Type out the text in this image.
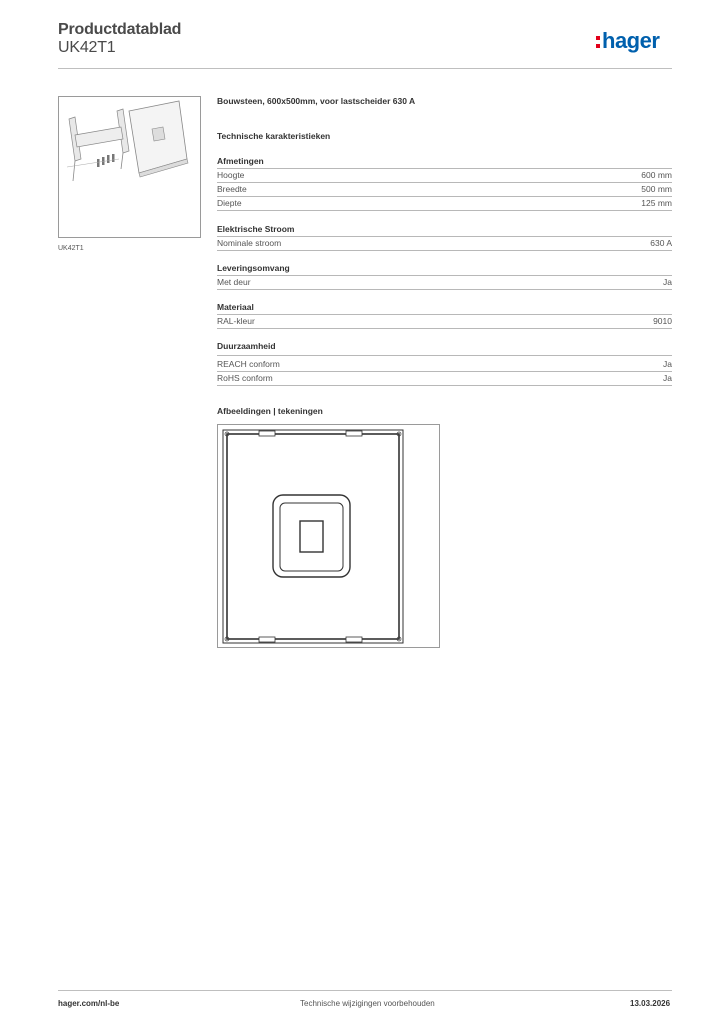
Productdatablad
UK42T1	hager
UK42T1
Bouwsteen, 600x500mm, voor lastscheider 630 A
Technische karakteristieken
Afmetingen
Hoogte	600 mm
Breedte	500 mm
Diepte	125 mm
Elektrische Stroom
Nominale stroom	630 A
Leveringsomvang
Met deur	Ja
Materiaal
RAL-kleur	9010
Duurzaamheid
REACH conform	Ja
RoHS conform	Ja
Afbeeldingen | tekeningen
hager.com/nl-be	Technische wijzigingen voorbehouden	13.03.2026
